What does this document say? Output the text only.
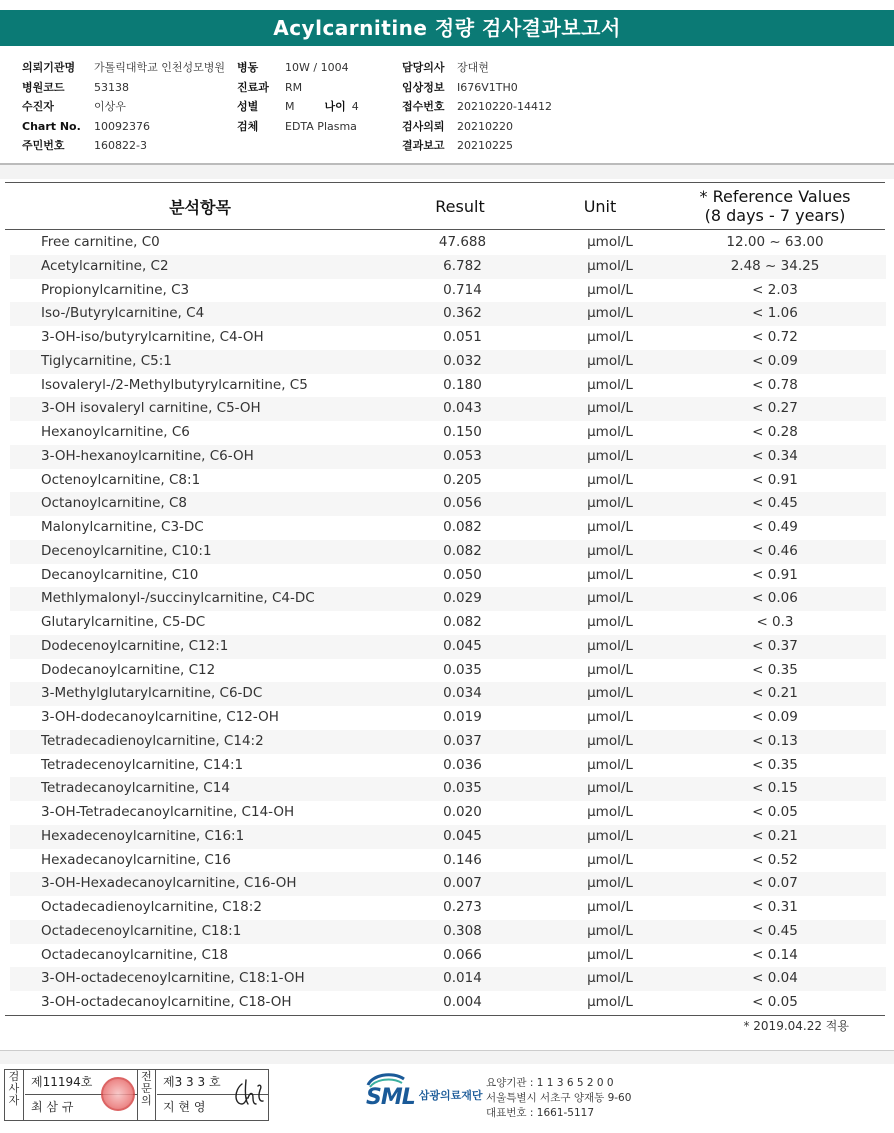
Acylcarnitine 정량 검사결과보고서
의뢰기관명 가톨릭대학교 인천성모병원
병원코드	53138
수진자	이상우
Chart No. 10092376
주민번호	160822-3
병동 10W / 1004
진료과 RM
성별 M	나이 4
검체 EDTA Plasma
담당의사 장대현
임상정보 I676V1TH0
접수번호 20210220-14412
검사의뢰 20210220
결과보고 20210225
분석항목	Result	Unit	* Reference Values
(8 days - 7 years)
Free carnitine, C0	47.688	µmol/L	12.00 ~ 63.00
Acetylcarnitine, C2	6.782	µmol/L	2.48 ~ 34.25
Propionylcarnitine, C3	0.714	µmol/L	< 2.03
Iso-/Butyrylcarnitine, C4	0.362	µmol/L	< 1.06
3-OH-iso/butyrylcarnitine, C4-OH	0.051	µmol/L	< 0.72
Tiglycarnitine, C5:1	0.032	µmol/L	< 0.09
Isovaleryl-/2-Methylbutyrylcarnitine, C5	0.180	µmol/L	< 0.78
3-OH isovaleryl carnitine, C5-OH	0.043	µmol/L	< 0.27
Hexanoylcarnitine, C6	0.150	µmol/L	< 0.28
3-OH-hexanoylcarnitine, C6-OH	0.053	µmol/L	< 0.34
Octenoylcarnitine, C8:1	0.205	µmol/L	< 0.91
Octanoylcarnitine, C8	0.056	µmol/L	< 0.45
Malonylcarnitine, C3-DC	0.082	µmol/L	< 0.49
Decenoylcarnitine, C10:1	0.082	µmol/L	< 0.46
Decanoylcarnitine, C10	0.050	µmol/L	< 0.91
Methlymalonyl-/succinylcarnitine, C4-DC	0.029	µmol/L	< 0.06
Glutarylcarnitine, C5-DC	0.082	µmol/L	< 0.3
Dodecenoylcarnitine, C12:1	0.045	µmol/L	< 0.37
Dodecanoylcarnitine, C12	0.035	µmol/L	< 0.35
3-Methylglutarylcarnitine, C6-DC	0.034	µmol/L	< 0.21
3-OH-dodecanoylcarnitine, C12-OH	0.019	µmol/L	< 0.09
Tetradecadienoylcarnitine, C14:2	0.037	µmol/L	< 0.13
Tetradecenoylcarnitine, C14:1	0.036	µmol/L	< 0.35
Tetradecanoylcarnitine, C14	0.035	µmol/L	< 0.15
3-OH-Tetradecanoylcarnitine, C14-OH	0.020	µmol/L	< 0.05
Hexadecenoylcarnitine, C16:1	0.045	µmol/L	< 0.21
Hexadecanoylcarnitine, C16	0.146	µmol/L	< 0.52
3-OH-Hexadecanoylcarnitine, C16-OH	0.007	µmol/L	< 0.07
Octadecadienoylcarnitine, C18:2	0.273	µmol/L	< 0.31
Octadecenoylcarnitine, C18:1	0.308	µmol/L	< 0.45
Octadecanoylcarnitine, C18	0.066	µmol/L	< 0.14
3-OH-octadecenoylcarnitine, C18:1-OH	0.014	µmol/L	< 0.04
3-OH-octadecanoylcarnitine, C18-OH	0.004	µmol/L	< 0.05
* 2019.04.22 적용
검
사
자
제11194호
최 삼 규
전
문
의
제3 3 3 호
지 현 영	SML 삼광의료재단
요양기관 : 1 1 3 6 5 2 0 0
서울특별시 서초구 양재동 9-60
대표번호 : 1661-5117
